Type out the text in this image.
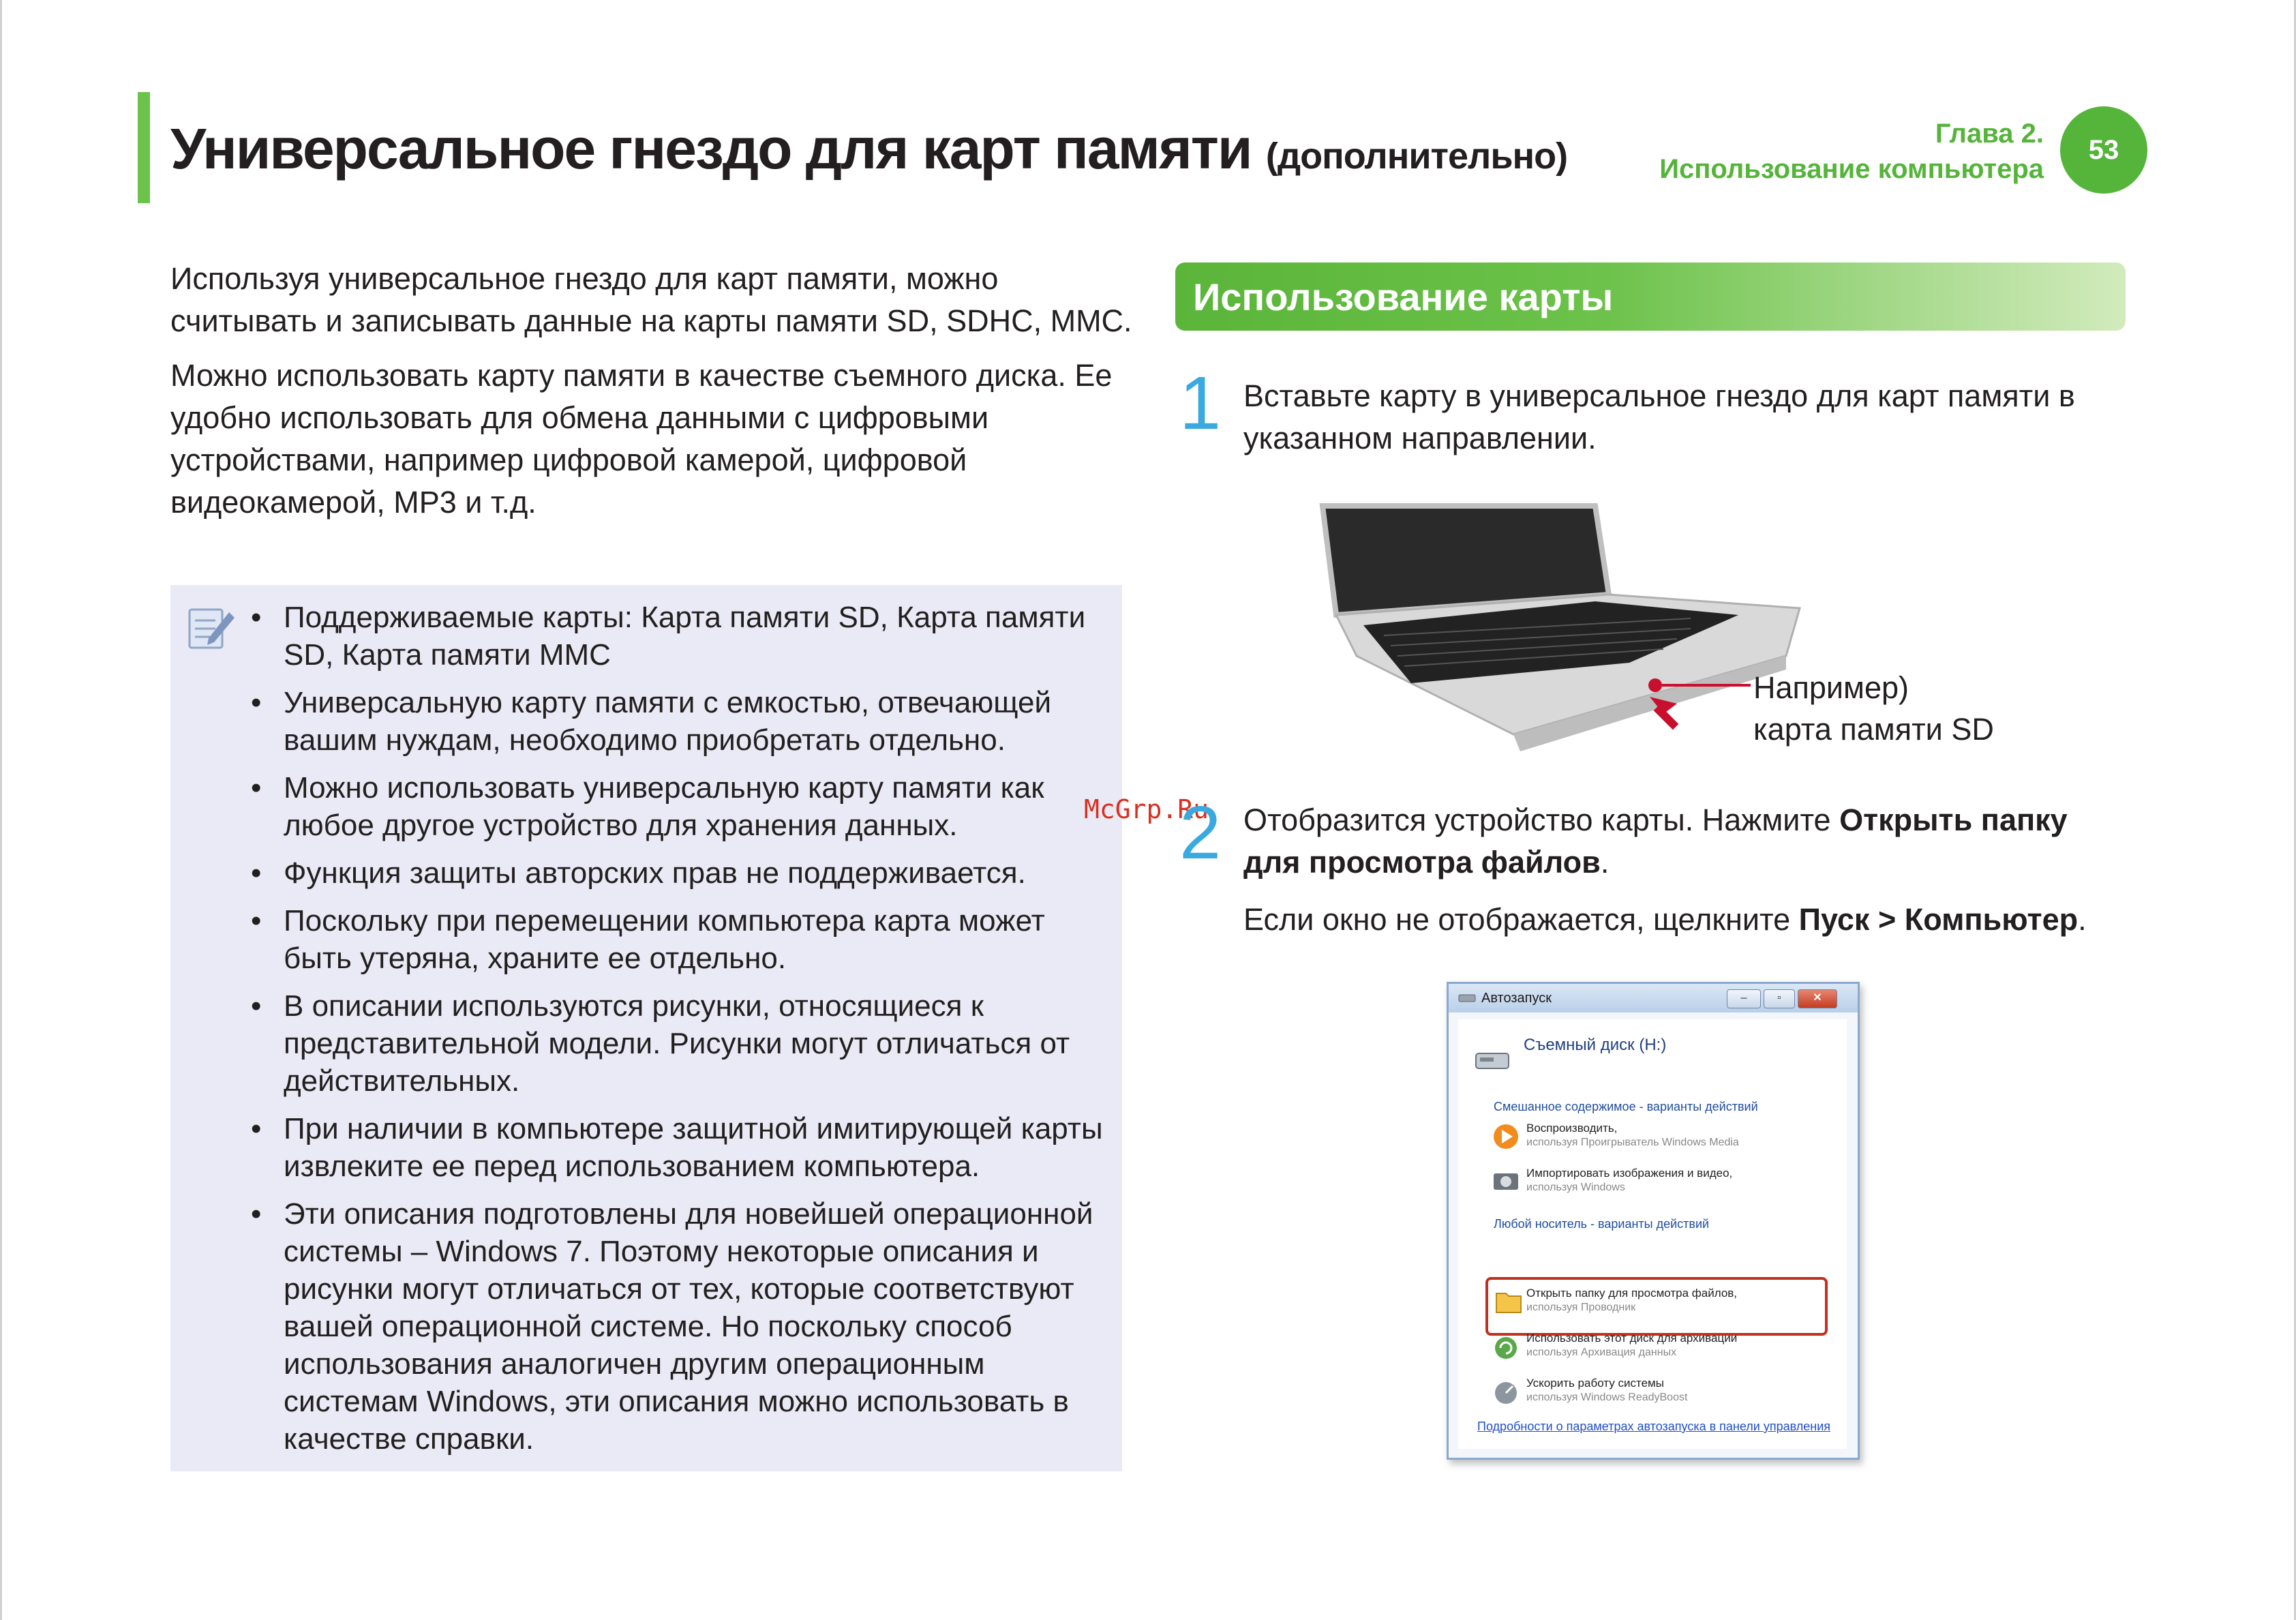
Универсальное гнездо для карт памяти (дополнительно)
Глава 2.
Использование компьютера
53

Используя универсальное гнездо для карт памяти, можно считывать и записывать данные на карты памяти SD, SDHC, MMC.

Можно использовать карту памяти в качестве съемного диска. Ее удобно использовать для обмена данными с цифровыми устройствами, например цифровой камерой, цифровой видеокамерой, MP3 и т.д.

• Поддерживаемые карты: Карта памяти SD, Карта памяти SD, Карта памяти MMC
• Универсальную карту памяти с емкостью, отвечающей вашим нуждам, необходимо приобретать отдельно.
• Можно использовать универсальную карту памяти как любое другое устройство для хранения данных.
• Функция защиты авторских прав не поддерживается.
• Поскольку при перемещении компьютера карта может быть утеряна, храните ее отдельно.
• В описании используются рисунки, относящиеся к представительной модели. Рисунки могут отличаться от действительных.
• При наличии в компьютере защитной имитирующей карты извлеките ее перед использованием компьютера.
• Эти описания подготовлены для новейшей операционной системы – Windows 7. Поэтому некоторые описания и рисунки могут отличаться от тех, которые соответствуют вашей операционной системе. Но поскольку способ использования аналогичен другим операционным системам Windows, эти описания можно использовать в качестве справки.
Использование карты
1 Вставьте карту в универсальное гнездо для карт памяти в указанном направлении.
Например)
карта памяти SD
McGrp.Ru
2 Отобразится устройство карты. Нажмите Открыть папку для просмотра файлов.
Если окно не отображается, щелкните Пуск > Компьютер.
Автозапуск	–	▫	✕
Съемный диск (H:)
Смешанное содержимое - варианты действий
Воспроизводить,
используя Проигрыватель Windows Media
Импортировать изображения и видео,
используя Windows
Любой носитель - варианты действий
Открыть папку для просмотра файлов,
используя Проводник
Использовать этот диск для архивации
используя Архивация данных
Ускорить работу системы
используя Windows ReadyBoost
Подробности о параметрах автозапуска в панели управления
